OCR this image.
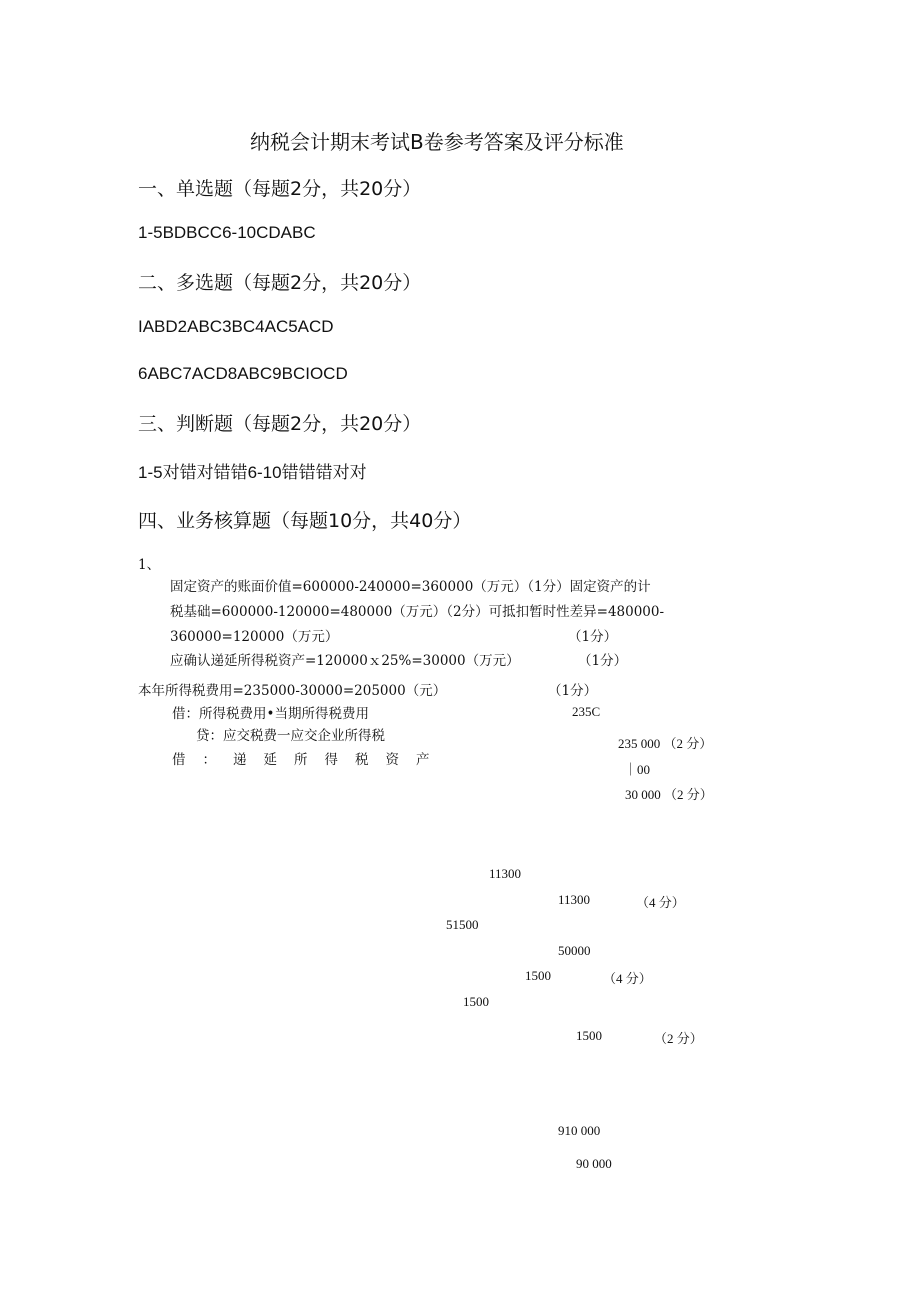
纳税会计期末考试B卷参考答案及评分标准
一、单选题（每题2分，共20分）
1-5BDBCC6-10CDABC
二、多选题（每题2分，共20分）
IABD2ABC3BC4AC5ACD
6ABC7ACD8ABC9BCIOCD
三、判断题（每题2分，共20分）
1-5对错对错错6-10错错错对对
四、业务核算题（每题10分，共40分）
1、
固定资产的账面价值=600000-240000=360000（万元）（1分）固定资产的计
税基础=600000-120000=480000（万元）（2分）可抵扣暂时性差异=480000-
360000=120000（万元）	（1分）
应确认递延所得税资产=120000ｘ25%=30000（万元）	（1分）
本年所得税费用=235000-30000=205000（元）	（1分）
借：所得税费用•当期所得税费用	235C
贷：应交税费一应交企业所得税	235 000 （2 分）
借：递延所得税资产
｜00
30 000 （2 分）
11300
11300	（4 分）
51500
50000
1500	（4 分）
1500
1500	（2 分）
910 000
90 000
